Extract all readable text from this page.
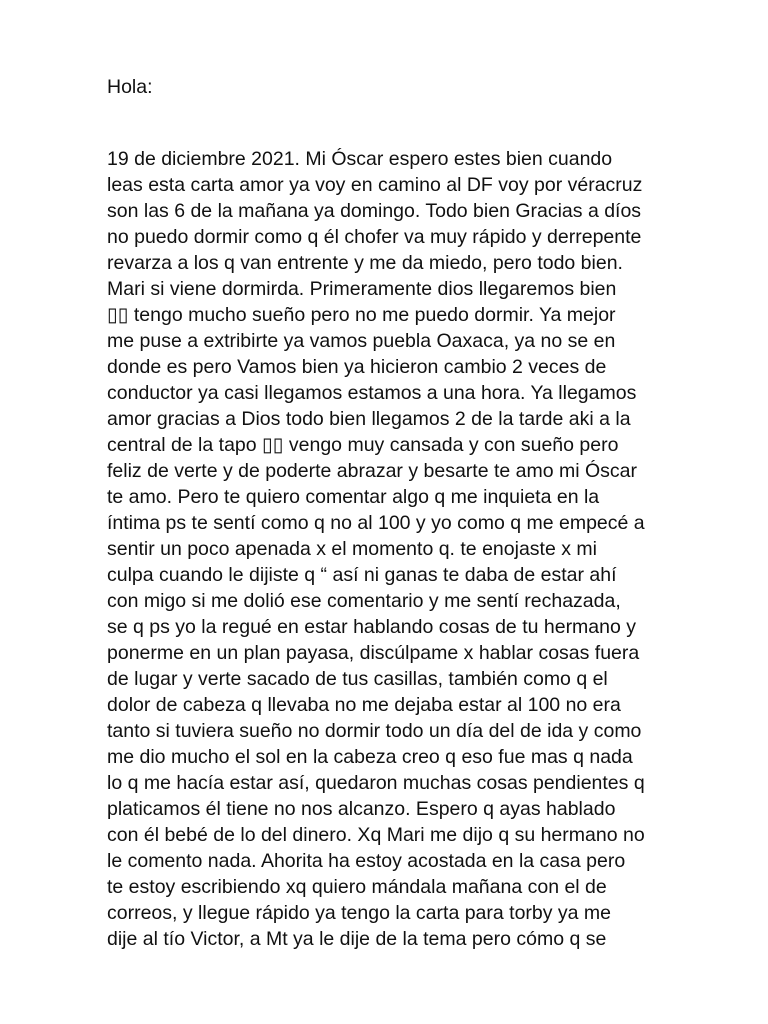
Hola:

19 de diciembre 2021. Mi Óscar espero estes bien cuando
leas esta carta amor ya voy en camino al DF voy por véracruz
son las 6 de la mañana ya domingo. Todo bien Gracias a díos
no puedo dormir como q él chofer va muy rápido y derrepente
revarza a los q van entrente y me da miedo, pero todo bien.
Mari si viene dormirda. Primeramente dios llegaremos bien
▯▯ tengo mucho sueño pero no me puedo dormir. Ya mejor
me puse a extribirte ya vamos puebla Oaxaca, ya no se en
donde es pero Vamos bien ya hicieron cambio 2 veces de
conductor ya casi llegamos estamos a una hora. Ya llegamos
amor gracias a Dios todo bien llegamos 2 de la tarde aki a la
central de la tapo ▯▯ vengo muy cansada y con sueño pero
feliz de verte y de poderte abrazar y besarte te amo mi Óscar
te amo. Pero te quiero comentar algo q me inquieta en la
íntima ps te sentí como q no al 100 y yo como q me empecé a
sentir un poco apenada x el momento q. te enojaste x mi
culpa cuando le dijiste q “ así ni ganas te daba de estar ahí
con migo si me dolió ese comentario y me sentí rechazada,
se q ps yo la regué en estar hablando cosas de tu hermano y
ponerme en un plan payasa, discúlpame x hablar cosas fuera
de lugar y verte sacado de tus casillas, también como q el
dolor de cabeza q llevaba no me dejaba estar al 100 no era
tanto si tuviera sueño no dormir todo un día del de ida y como
me dio mucho el sol en la cabeza creo q eso fue mas q nada
lo q me hacía estar así, quedaron muchas cosas pendientes q
platicamos él tiene no nos alcanzo. Espero q ayas hablado
con él bebé de lo del dinero. Xq Mari me dijo q su hermano no
le comento nada. Ahorita ha estoy acostada en la casa pero
te estoy escribiendo xq quiero mándala mañana con el de
correos, y llegue rápido ya tengo la carta para torby ya me
dije al tío Victor, a Mt ya le dije de la tema pero cómo q se
